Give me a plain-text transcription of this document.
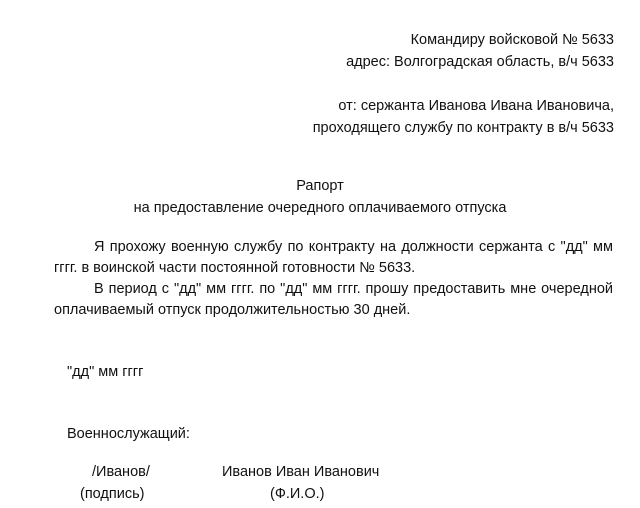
Командиру войсковой № 5633
адрес: Волгоградская область, в/ч 5633
от: сержанта Иванова Ивана Ивановича,
проходящего службу по контракту в в/ч 5633
Рапорт
на предоставление очередного оплачиваемого отпуска
Я прохожу военную службу по контракту на должности сержанта с "дд" мм гггг. в воинской части постоянной готовности № 5633.
В период с "дд" мм гггг. по "дд" мм гггг. прошу предоставить мне очередной оплачиваемый отпуск продолжительностью 30 дней.
"дд" мм гггг
Военнослужащий:
/Иванов/
(подпись)
Иванов Иван Иванович
(Ф.И.О.)
